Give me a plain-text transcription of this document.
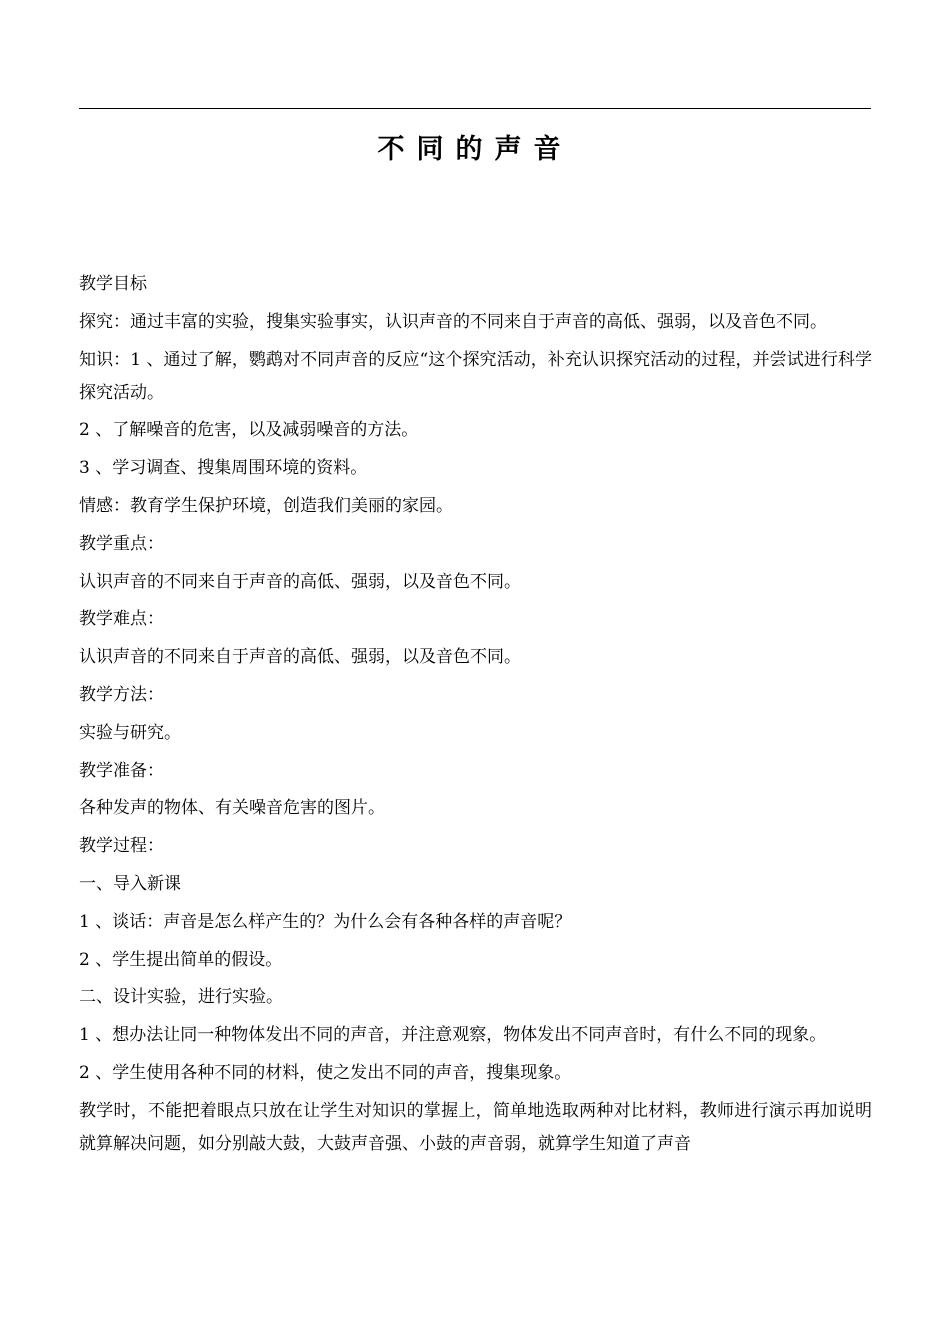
不同的声音

教学目标

探究：通过丰富的实验，搜集实验事实，认识声音的不同来自于声音的高低、强弱，以及音色不同。

知识：1 、通过了解，鹦鹉对不同声音的反应“这个探究活动，补充认识探究活动的过程，并尝试进行科学探究活动。

2 、了解噪音的危害，以及减弱噪音的方法。

3 、学习调查、搜集周围环境的资料。

情感：教育学生保护环境，创造我们美丽的家园。

教学重点：

认识声音的不同来自于声音的高低、强弱，以及音色不同。

教学难点：

认识声音的不同来自于声音的高低、强弱，以及音色不同。

教学方法：

实验与研究。

教学准备：

各种发声的物体、有关噪音危害的图片。

教学过程：

一、导入新课

1 、谈话：声音是怎么样产生的？为什么会有各种各样的声音呢？

2 、学生提出简单的假设。

二、设计实验，进行实验。

1 、想办法让同一种物体发出不同的声音，并注意观察，物体发出不同声音时，有什么不同的现象。

2 、学生使用各种不同的材料，使之发出不同的声音，搜集现象。

教学时，不能把着眼点只放在让学生对知识的掌握上，简单地选取两种对比材料，教师进行演示再加说明就算解决问题，如分别敲大鼓，大鼓声音强、小鼓的声音弱，就算学生知道了声音
